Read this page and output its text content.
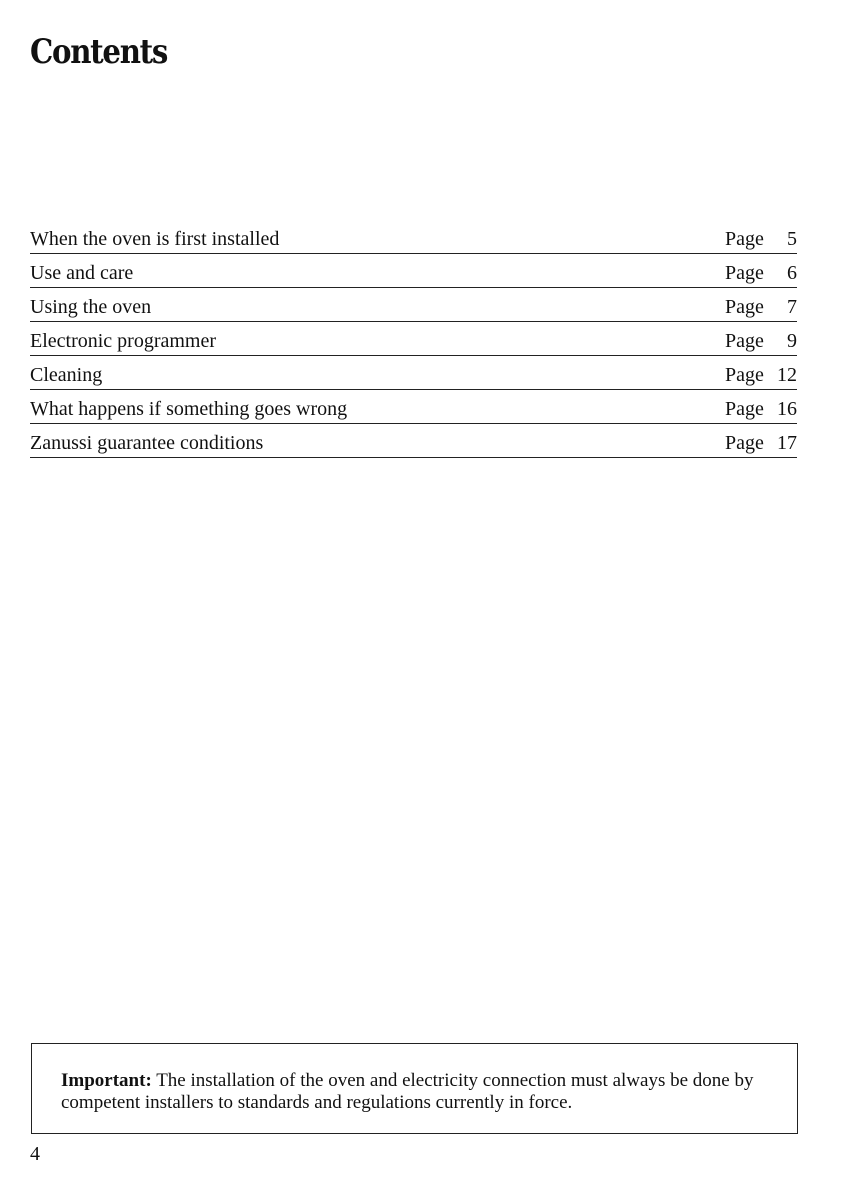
Contents
When the oven is first installed	Page	5
Use and care	Page	6
Using the oven	Page	7
Electronic programmer	Page	9
Cleaning	Page 12
What happens if something goes wrong	Page 16
Zanussi guarantee conditions	Page 17
Important: The installation of the oven and electricity connection must always be done by competent installers to standards and regulations currently in force.
4
